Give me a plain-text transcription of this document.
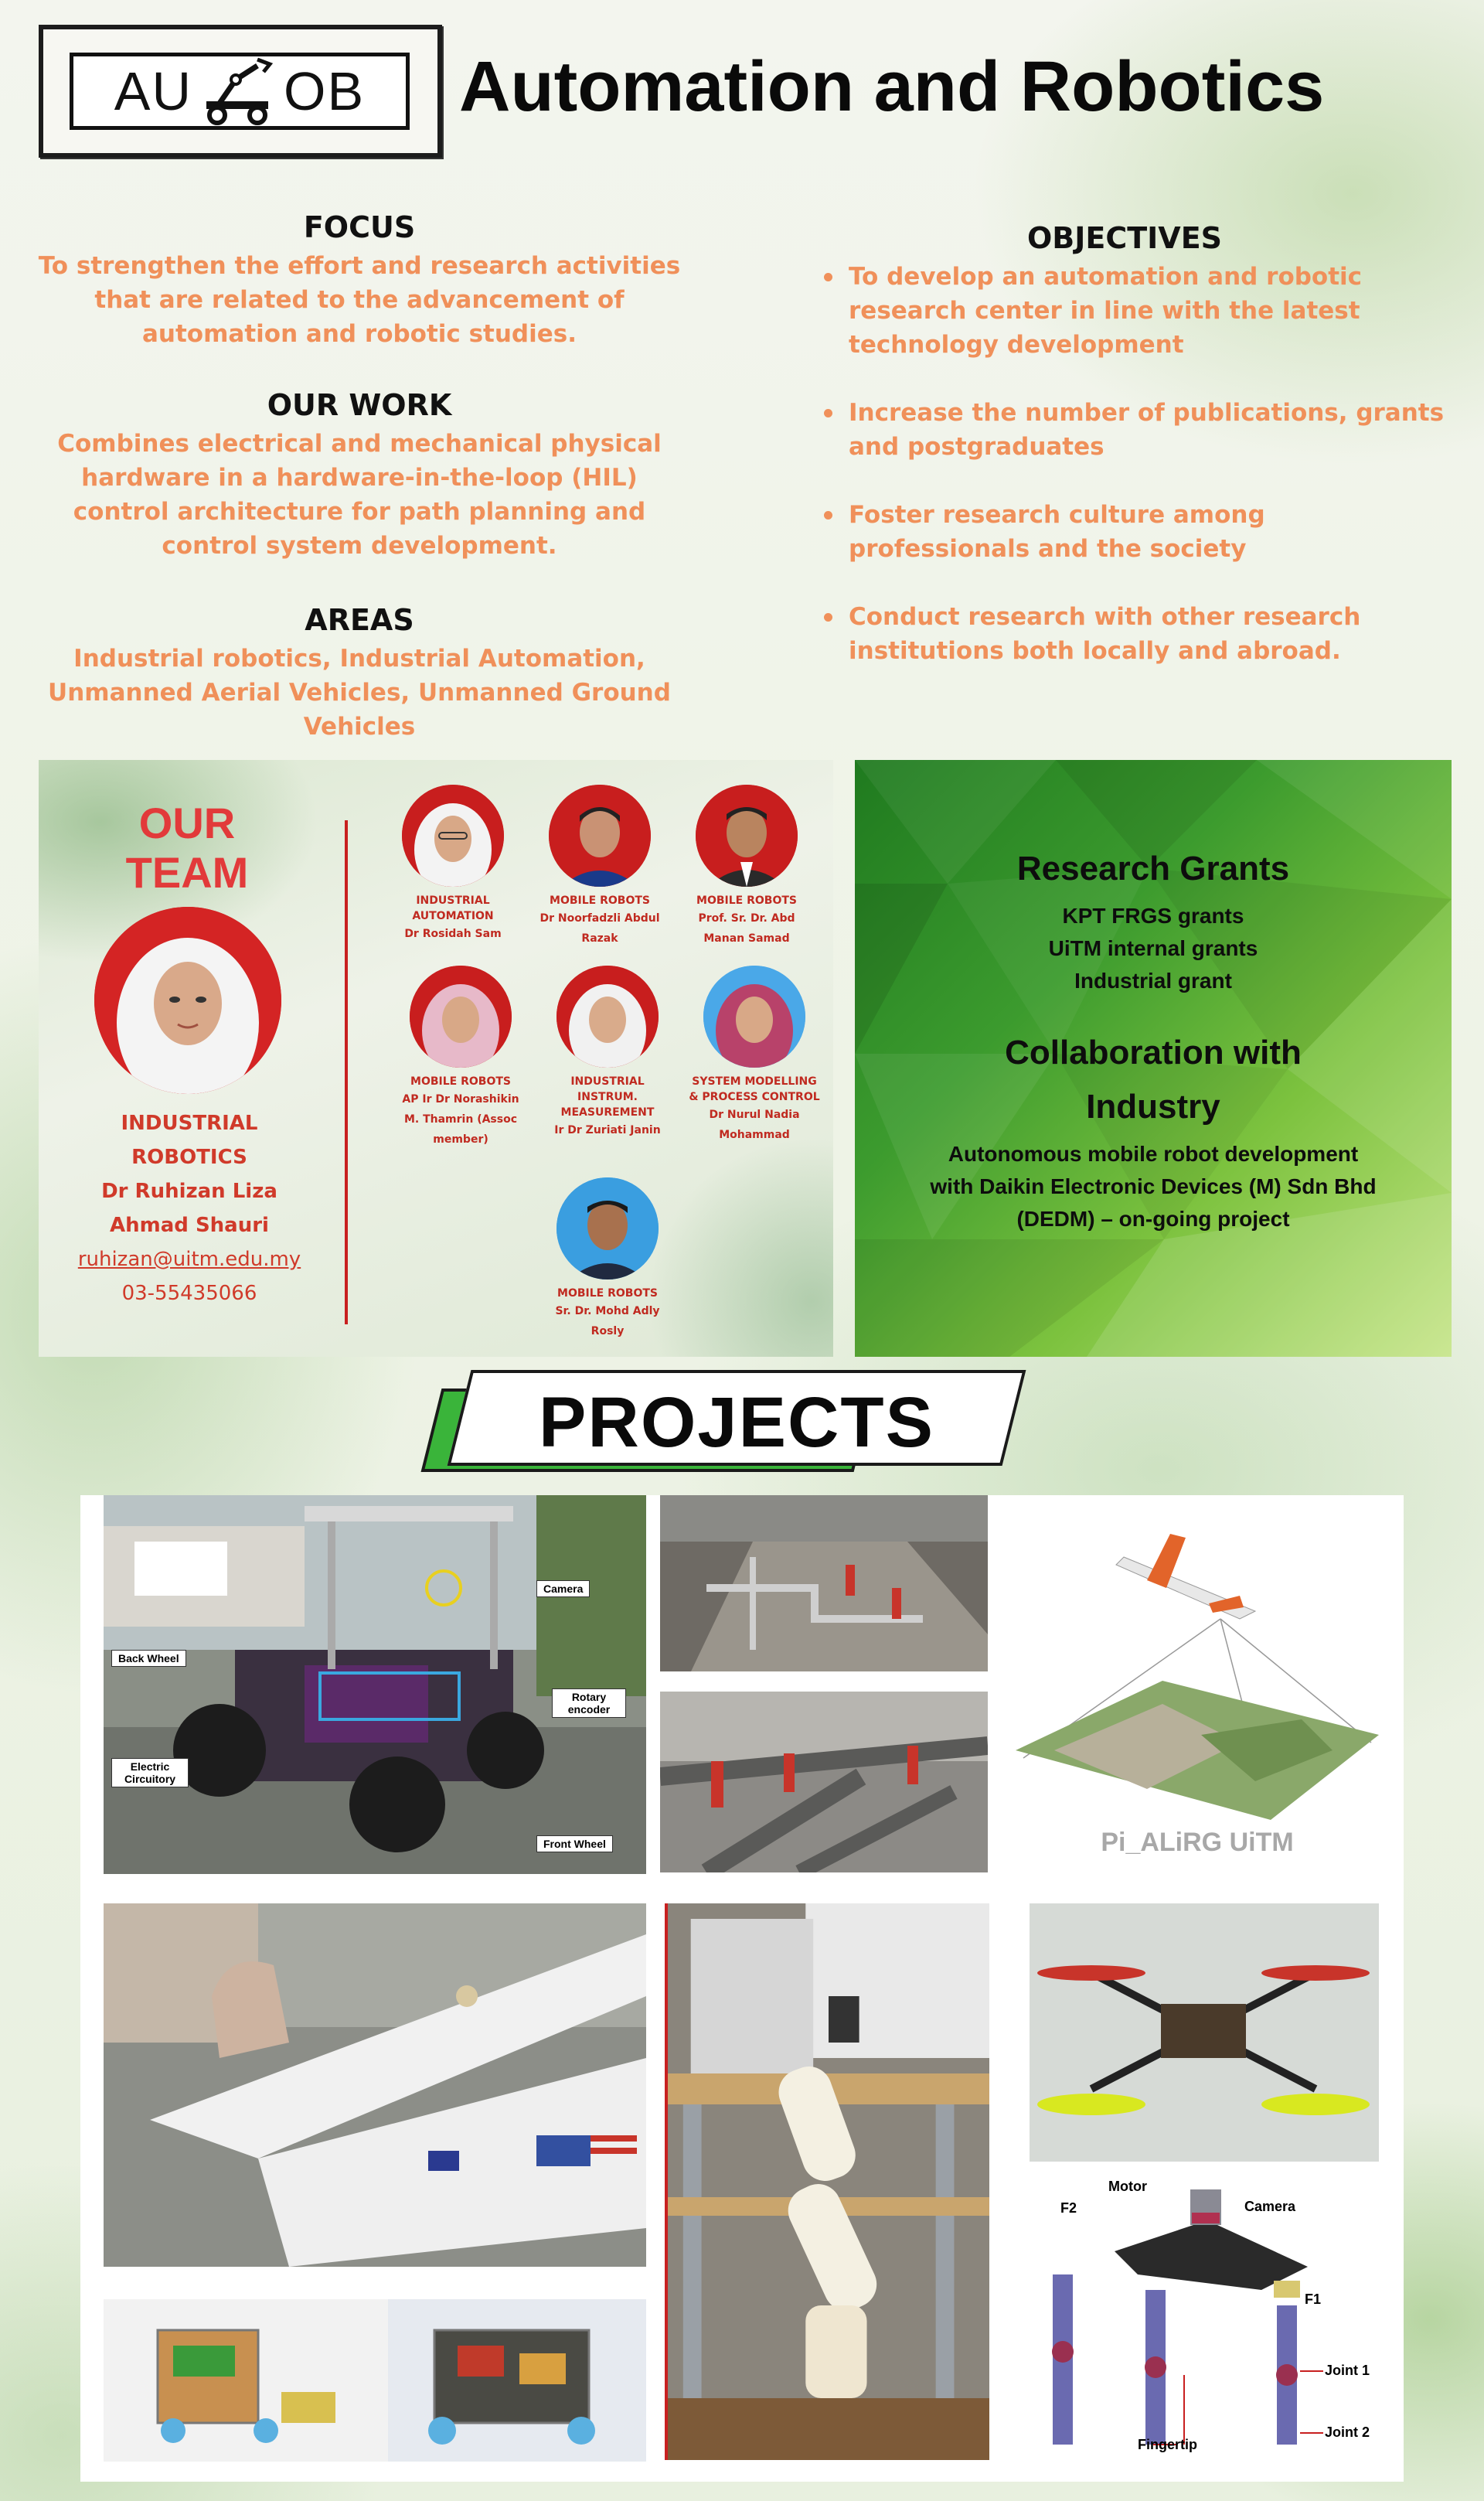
AU OB Automation and Robotics
FOCUS
To strengthen the effort and research activities that are related to the advancement of automation and robotic studies.
OUR WORK
Combines electrical and mechanical physical hardware in a hardware-in-the-loop (HIL) control architecture for path planning and control system development.
AREAS
Industrial robotics, Industrial Automation, Unmanned Aerial Vehicles, Unmanned Ground Vehicles
OBJECTIVES
To develop an automation and robotic research center in line with the latest technology development
Increase the number of publications, grants and postgraduates
Foster research culture among professionals and the society
Conduct research with other research institutions both locally and abroad.
OUR
TEAM
INDUSTRIAL
ROBOTICS
Dr Ruhizan Liza
Ahmad Shauri
ruhizan@uitm.edu.my
03-55435066
INDUSTRIAL AUTOMATION
Dr Rosidah Sam
MOBILE ROBOTS
Dr Noorfadzli Abdul Razak
MOBILE ROBOTS
Prof. Sr. Dr. Abd Manan Samad
MOBILE ROBOTS
AP Ir Dr Norashikin M. Thamrin (Assoc member)
INDUSTRIAL INSTRUM. MEASUREMENT
Ir Dr Zuriati Janin
SYSTEM MODELLING & PROCESS CONTROL
Dr Nurul Nadia Mohammad
MOBILE ROBOTS
Sr. Dr. Mohd Adly Rosly
Research Grants
KPT FRGS grants
UiTM internal grants
Industrial grant
Collaboration with
Industry
Autonomous mobile robot development
with Daikin Electronic Devices (M) Sdn Bhd
(DEDM) – on-going project
PROJECTS
Camera
Back Wheel
Rotary encoder
Electric Circuitory
Front Wheel	Pi_ALiRG UiTM
Motor
Camera
F2
F1
Joint 1
Joint 2
Fingertip
